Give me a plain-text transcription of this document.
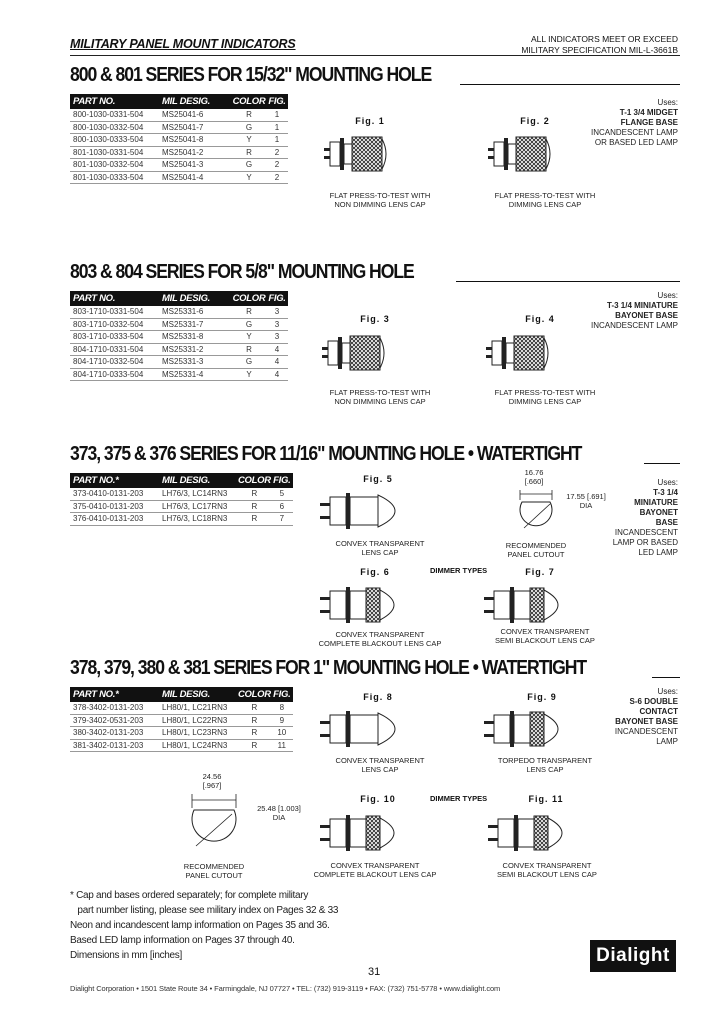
MILITARY PANEL MOUNT INDICATORS	ALL INDICATORS MEET OR EXCEED
MILITARY SPECIFICATION MIL-L-3661B
800 & 801 SERIES FOR 15/32" MOUNTING HOLE
PART NO.	MIL DESIG.	COLOR	FIG.
800-1030-0331-504	MS25041-6	R	1
800-1030-0332-504	MS25041-7	G	1
800-1030-0333-504	MS25041-8	Y	1
801-1030-0331-504	MS25041-2	R	2
801-1030-0332-504	MS25041-3	G	2
801-1030-0333-504	MS25041-4	Y	2
Fig. 1
FLAT PRESS-TO-TEST WITH
NON DIMMING LENS CAP
Fig. 2
FLAT PRESS-TO-TEST WITH
DIMMING LENS CAP
Uses:
T-1 3/4 MIDGET
FLANGE BASE
INCANDESCENT LAMP
OR BASED LED LAMP
803 & 804 SERIES FOR 5/8" MOUNTING HOLE
PART NO.	MIL DESIG.	COLOR	FIG.
803-1710-0331-504	MS25331-6	R	3
803-1710-0332-504	MS25331-7	G	3
803-1710-0333-504	MS25331-8	Y	3
804-1710-0331-504	MS25331-2	R	4
804-1710-0332-504	MS25331-3	G	4
804-1710-0333-504	MS25331-4	Y	4
Fig. 3
FLAT PRESS-TO-TEST WITH
NON DIMMING LENS CAP
Fig. 4
FLAT PRESS-TO-TEST WITH
DIMMING LENS CAP
Uses:
T-3 1/4 MINIATURE
BAYONET BASE
INCANDESCENT LAMP
373, 375 & 376 SERIES FOR 11/16" MOUNTING HOLE • WATERTIGHT
PART NO.*	MIL DESIG.	COLOR	FIG.
373-0410-0131-203	LH76/3, LC14RN3	R	5
375-0410-0131-203	LH76/3, LC17RN3	R	6
376-0410-0131-203	LH76/3, LC18RN3	R	7
Fig. 5
CONVEX TRANSPARENT
LENS CAP
16.76
[.660]
17.55 [.691]
DIA
RECOMMENDED
PANEL CUTOUT
Uses:
T-3 1/4
MINIATURE
BAYONET
BASE
INCANDESCENT
LAMP OR BASED
LED LAMP
Fig. 6	DIMMER TYPES	Fig. 7
CONVEX TRANSPARENT
COMPLETE BLACKOUT LENS CAP
CONVEX TRANSPARENT
SEMI BLACKOUT LENS CAP
378, 379, 380 & 381 SERIES FOR 1" MOUNTING HOLE • WATERTIGHT
PART NO.*	MIL DESIG.	COLOR	FIG.
378-3402-0131-203	LH80/1, LC21RN3	R	8
379-3402-0531-203	LH80/1, LC22RN3	R	9
380-3402-0131-203	LH80/1, LC23RN3	R	10
381-3402-0131-203	LH80/1, LC24RN3	R	11
Fig. 8	Fig. 9
CONVEX TRANSPARENT
LENS CAP
TORPEDO TRANSPARENT
LENS CAP
Uses:
S-6 DOUBLE
CONTACT
BAYONET BASE
INCANDESCENT
LAMP
24.56
[.967]
25.48 [1.003]
DIA
RECOMMENDED
PANEL CUTOUT
Fig. 10	DIMMER TYPES	Fig. 11
CONVEX TRANSPARENT
COMPLETE BLACKOUT LENS CAP
CONVEX TRANSPARENT
SEMI BLACKOUT LENS CAP
* Cap and bases ordered separately; for complete military
part number listing, please see military index on Pages 32 & 33
Neon and incandescent lamp information on Pages 35 and 36.
Based LED lamp information on Pages 37 through 40.
Dimensions in mm [inches]
31
Dialight Corporation • 1501 State Route 34 • Farmingdale, NJ 07727 • TEL: (732) 919-3119 • FAX: (732) 751-5778 • www.dialight.com
Dialight
